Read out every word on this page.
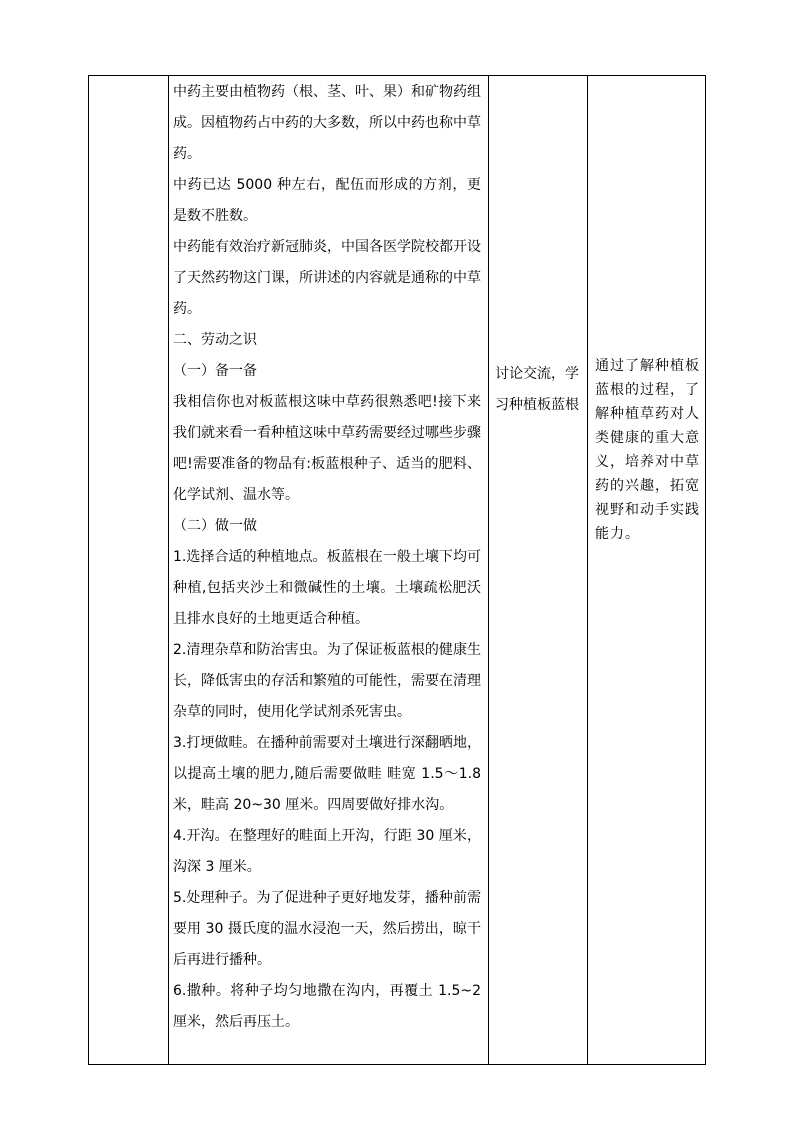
中药主要由植物药（根、茎、叶、果）和矿物药组成。因植物药占中药的大多数，所以中药也称中草药。

中药已达 5000 种左右，配伍而形成的方剂，更是数不胜数。

中药能有效治疗新冠肺炎，中国各医学院校都开设了天然药物这门课，所讲述的内容就是通称的中草药。

二、劳动之识

（一）备一备

我相信你也对板蓝根这味中草药很熟悉吧!接下来我们就来看一看种植这味中草药需要经过哪些步骤吧!需要准备的物品有:板蓝根种子、适当的肥料、化学试剂、温水等。

（二）做一做

1.选择合适的种植地点。板蓝根在一般土壤下均可种植,包括夹沙土和微碱性的土壤。土壤疏松肥沃且排水良好的土地更适合种植。

2.清理杂草和防治害虫。为了保证板蓝根的健康生长，降低害虫的存活和繁殖的可能性，需要在清理杂草的同时，使用化学试剂杀死害虫。

3.打埂做畦。在播种前需要对土壤进行深翻晒地，以提高土壤的肥力,随后需要做畦 畦宽 1.5～1.8米，畦高 20~30 厘米。四周要做好排水沟。

4.开沟。在整理好的畦面上开沟，行距 30 厘米，沟深 3 厘米。

5.处理种子。为了促进种子更好地发芽，播种前需要用 30 摄氏度的温水浸泡一天，然后捞出，晾干后再进行播种。

6.撒种。将种子均匀地撒在沟内，再覆土 1.5~2 厘米，然后再压土。

讨论交流，学
习种植板蓝根
通过了解种植板
蓝根的过程，了
解种植草药对人
类健康的重大意
义，培养对中草
药的兴趣，拓宽
视野和动手实践
能力。
